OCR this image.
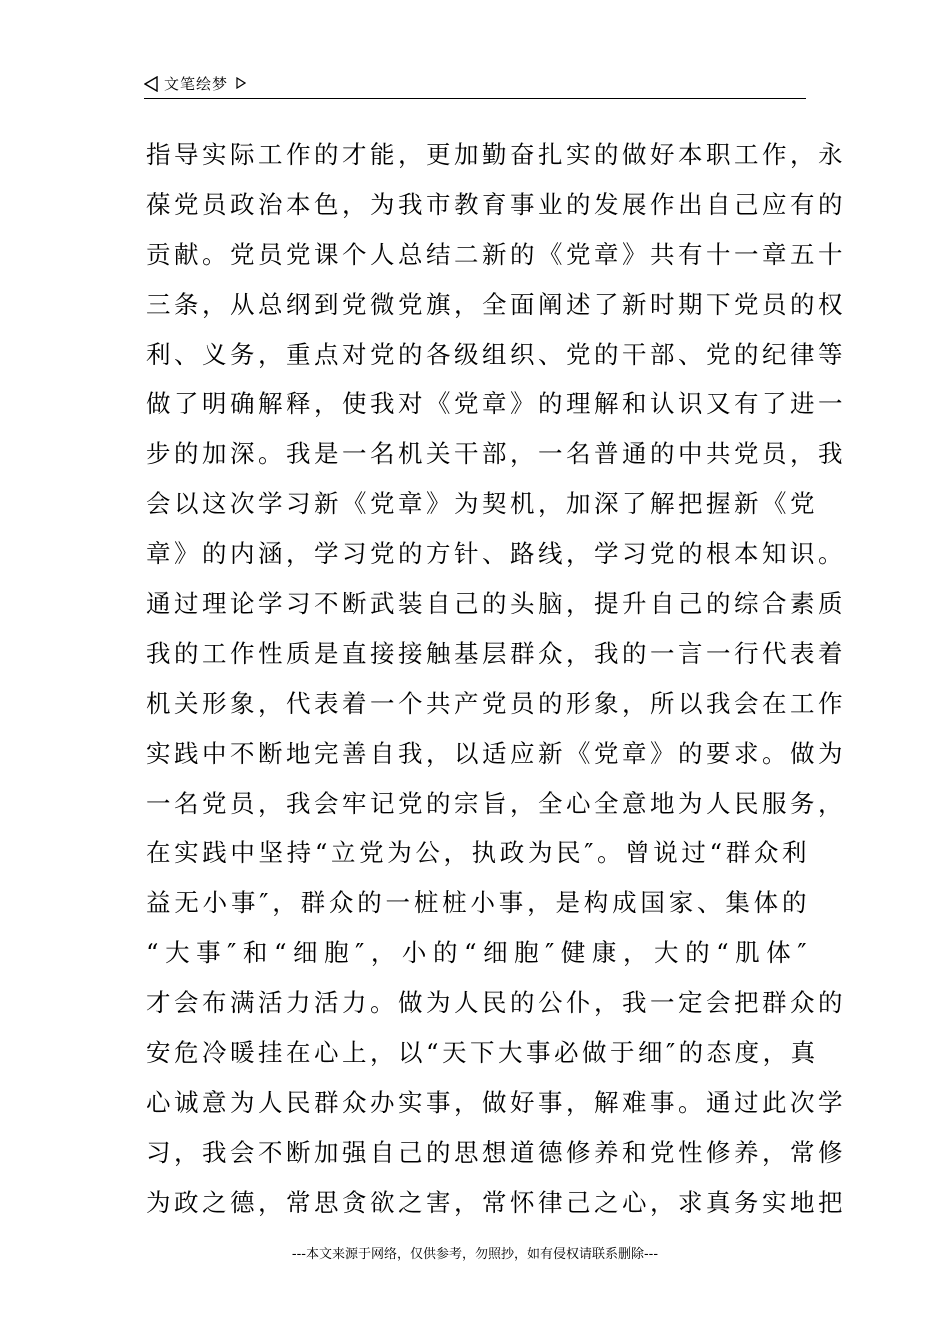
文笔绘梦
指导实际工作的才能，更加勤奋扎实的做好本职工作，永
葆党员政治本色，为我市教育事业的发展作出自己应有的
贡献。党员党课个人总结二新的《党章》共有十一章五十
三条，从总纲到党微党旗，全面阐述了新时期下党员的权
利、义务，重点对党的各级组织、党的干部、党的纪律等
做了明确解释，使我对《党章》的理解和认识又有了进一
步的加深。我是一名机关干部，一名普通的中共党员，我
会以这次学习新《党章》为契机，加深了解把握新《党
章》的内涵，学习党的方针、路线，学习党的根本知识。
通过理论学习不断武装自己的头脑，提升自己的综合素质
我的工作性质是直接接触基层群众，我的一言一行代表着
机关形象，代表着一个共产党员的形象，所以我会在工作
实践中不断地完善自我，以适应新《党章》的要求。做为
一名党员，我会牢记党的宗旨，全心全意地为人民服务，
在实践中坚持“立党为公，执政为民″。曾说过“群众利
益无小事″，群众的一桩桩小事，是构成国家、集体的
“大事″和“细胞″，小的“细胞″健康，大的“肌体″
才会布满活力活力。做为人民的公仆，我一定会把群众的
安危冷暖挂在心上，以“天下大事必做于细″的态度，真
心诚意为人民群众办实事，做好事，解难事。通过此次学
习，我会不断加强自己的思想道德修养和党性修养，常修
为政之德，常思贪欲之害，常怀律己之心，求真务实地把
---本文来源于网络，仅供参考，勿照抄，如有侵权请联系删除---
